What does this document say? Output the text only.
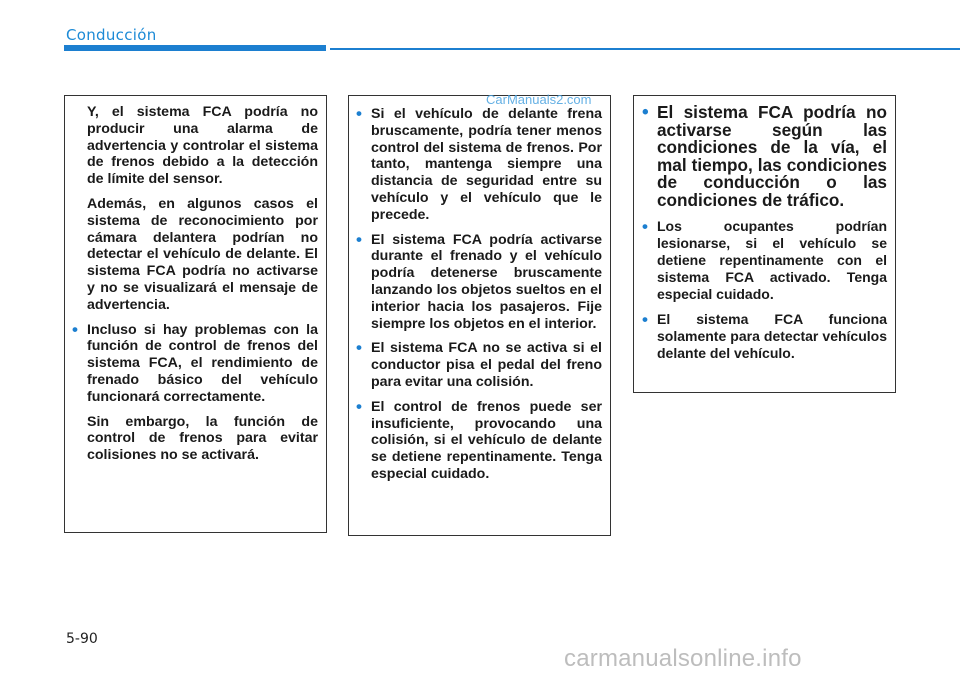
Conducción

Y, el sistema FCA podría no producir una alarma de advertencia y controlar el sistema de frenos debido a la detección de límite del sensor.

Además, en algunos casos el sistema de reconocimiento por cámara delantera podrían no detectar el vehículo de delante. El sistema FCA podría no activarse y no se visualizará el mensaje de advertencia.

• Incluso si hay problemas con la función de control de frenos del sistema FCA, el rendimiento de frenado básico del vehículo funcionará correctamente.

Sin embargo, la función de control de frenos para evitar colisiones no se activará.

• Si el vehículo de delante frena bruscamente, podría tener menos control del sistema de frenos. Por tanto, mantenga siempre una distancia de seguridad entre su vehículo y el vehículo que le precede.

• El sistema FCA podría activarse durante el frenado y el vehículo podría detenerse bruscamente lanzando los objetos sueltos en el interior hacia los pasajeros. Fije siempre los objetos en el interior.

• El sistema FCA no se activa si el conductor pisa el pedal del freno para evitar una colisión.

• El control de frenos puede ser insuficiente, provocando una colisión, si el vehículo de delante se detiene repentinamente. Tenga especial cuidado.

• El sistema FCA podría no activarse según las condiciones de la vía, el mal tiempo, las condiciones de conducción o las condiciones de tráfico.

• Los ocupantes podrían lesionarse, si el vehículo se detiene repentinamente con el sistema FCA activado. Tenga especial cuidado.

• El sistema FCA funciona solamente para detectar vehículos delante del vehículo.

CarManuals2.com
5-90
carmanualsonline.info
